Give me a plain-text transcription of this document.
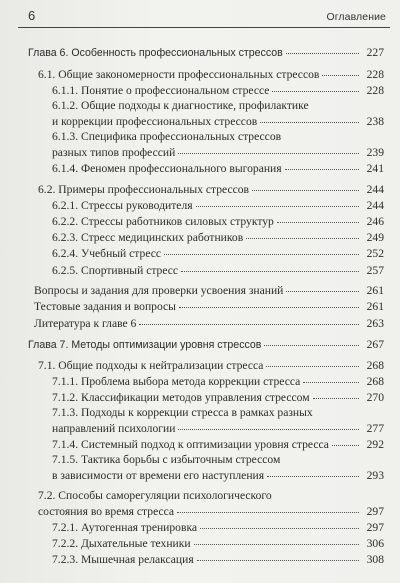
6	Оглавление
Глава 6. Особенность профессиональных стрессов	227
6.1. Общие закономерности профессиональных стрессов	228
6.1.1. Понятие о профессиональном стрессе	228
6.1.2. Общие подходы к диагностике, профилактике
и коррекции профессиональных стрессов	238
6.1.3. Специфика профессиональных стрессов
разных типов профессий	239
6.1.4. Феномен профессионального выгорания	241
6.2. Примеры профессиональных стрессов	244
6.2.1. Стрессы руководителя	244
6.2.2. Стрессы работников силовых структур	246
6.2.3. Стресс медицинских работников	249
6.2.4. Учебный стресс	252
6.2.5. Спортивный стресс	257
Вопросы и задания для проверки усвоения знаний	261
Тестовые задания и вопросы	261
Литература к главе 6	263
Глава 7. Методы оптимизации уровня стрессов	267
7.1. Общие подходы к нейтрализации стресса	268
7.1.1. Проблема выбора метода коррекции стресса	268
7.1.2. Классификации методов управления стрессом	270
7.1.3. Подходы к коррекции стресса в рамках разных
направлений психологии	277
7.1.4. Системный подход к оптимизации уровня стресса	292
7.1.5. Тактика борьбы с избыточным стрессом
в зависимости от времени его наступления	293
7.2. Способы саморегуляции психологического
состояния во время стресса	297
7.2.1. Аутогенная тренировка	297
7.2.2. Дыхательные техники	306
7.2.3. Мышечная релаксация	308
